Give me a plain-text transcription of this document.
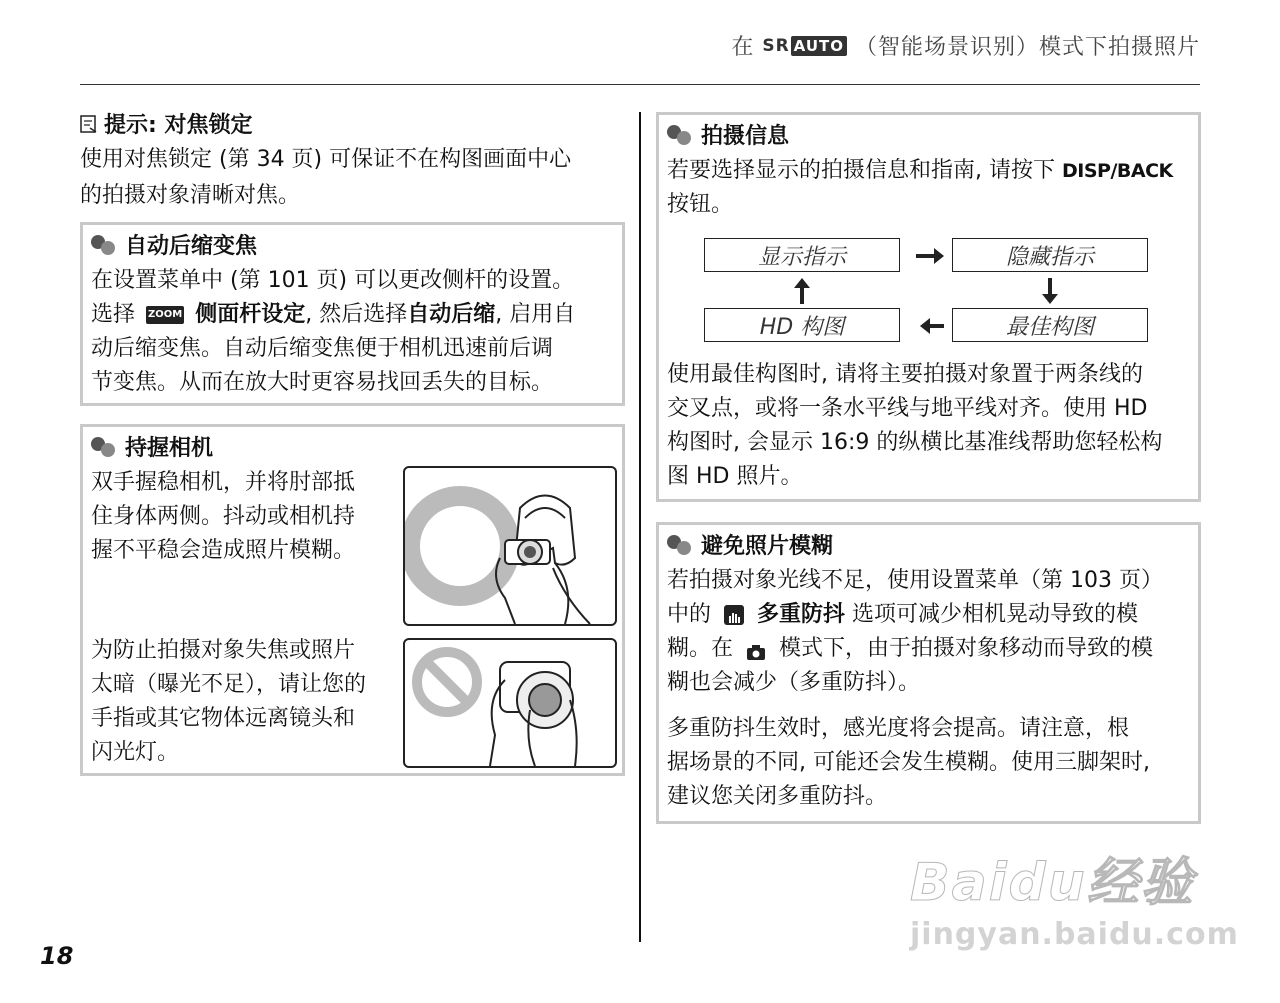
在 SR AUTO （智能场景识别）模式下拍摄照片
提示: 对焦锁定

使用对焦锁定 (第 34 页) 可保证不在构图画面中心

的拍摄对象清晰对焦。

自动后缩变焦

在设置菜单中 (第 101 页) 可以更改侧杆的设置。

选择 ZOOM 侧面杆设定, 然后选择自动后缩, 启用自

动后缩变焦。自动后缩变焦便于相机迅速前后调

节变焦。从而在放大时更容易找回丢失的目标。

持握相机

双手握稳相机，并将肘部抵

住身体两侧。抖动或相机持

握不平稳会造成照片模糊。

为防止拍摄对象失焦或照片

太暗（曝光不足），请让您的

手指或其它物体远离镜头和

闪光灯。

拍摄信息

若要选择显示的拍摄信息和指南, 请按下 DISP/BACK

按钮。

使用最佳构图时, 请将主要拍摄对象置于两条线的

交叉点，或将一条水平线与地平线对齐。使用 HD

构图时, 会显示 16:9 的纵横比基准线帮助您轻松构

图 HD 照片。

显示指示	隐藏指示
HD 构图	最佳构图
避免照片模糊

若拍摄对象光线不足，使用设置菜单（第 103 页）

中的 多重防抖 选项可减少相机晃动导致的模

糊。在 模式下，由于拍摄对象移动而导致的模

糊也会减少（多重防抖）。

多重防抖生效时，感光度将会提高。请注意，根

据场景的不同, 可能还会发生模糊。使用三脚架时,

建议您关闭多重防抖。

Baidu经验
jingyan.baidu.com
18
